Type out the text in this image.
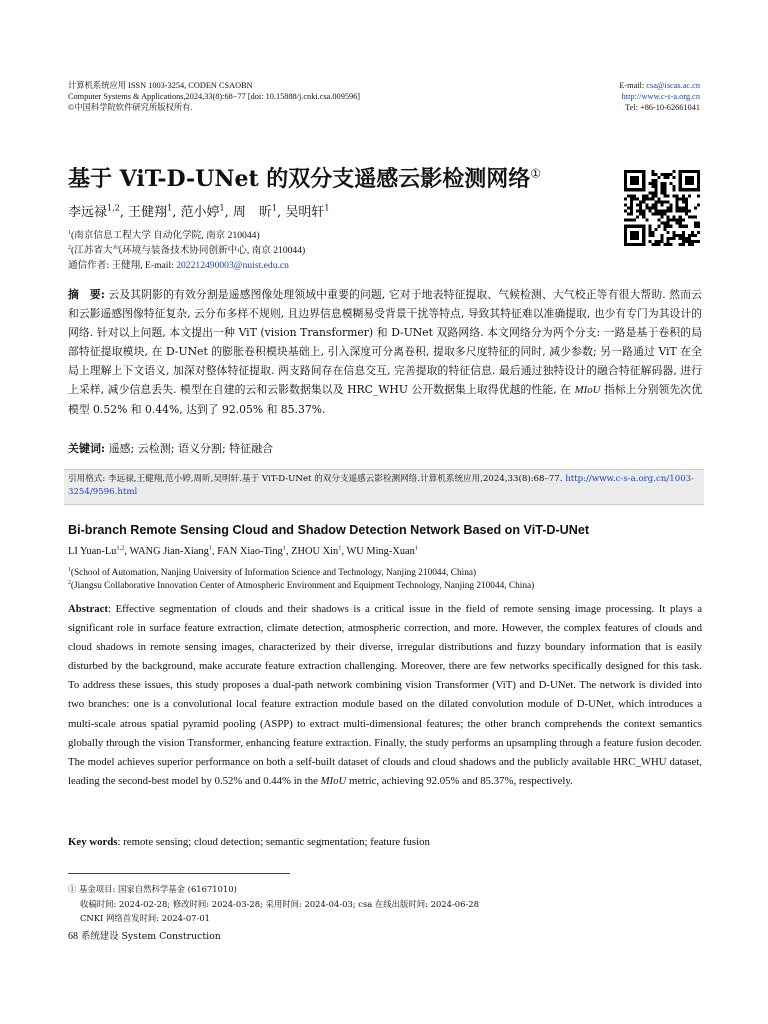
计算机系统应用 ISSN 1003-3254, CODEN CSAOBN
Computer Systems & Applications,2024,33(8):68−77 [doi: 10.15888/j.cnki.csa.009596]
©中国科学院软件研究所版权所有.
E-mail: csa@iscas.ac.cn
http://www.c-s-a.org.cn
Tel: +86-10-62661041
基于 ViT-D-UNet 的双分支遥感云影检测网络①
李远禄$^{1,2}$, 王健翔$^1$, 范小婷$^1$, 周　昕$^1$, 吴明轩$^1$
$^1$(南京信息工程大学 自动化学院, 南京 210044)
$^2$(江苏省大气环境与装备技术协同创新中心, 南京 210044)
通信作者: 王健翔, E-mail: 202212490003@nuist.edu.cn
摘　要: 云及其阴影的有效分割是遥感图像处理领域中重要的问题, 它对于地表特征提取、气候检测、大气校正等有很大帮助. 然而云和云影遥感图像特征复杂, 云分布多样不规则, 且边界信息模糊易受背景干扰等特点, 导致其特征难以准确提取, 也少有专门为其设计的网络. 针对以上问题, 本文提出一种 ViT (vision Transformer) 和 D-UNet 双路网络. 本文网络分为两个分支: 一路是基于卷积的局部特征提取模块, 在 D-UNet 的膨胀卷积模块基础上, 引入深度可分离卷积, 提取多尺度特征的同时, 减少参数; 另一路通过 ViT 在全局上理解上下文语义, 加深对整体特征提取. 两支路间存在信息交互, 完善提取的特征信息. 最后通过独特设计的融合特征解码器, 进行上采样, 减少信息丢失. 模型在自建的云和云影数据集以及 HRC_WHU 公开数据集上取得优越的性能, 在 MIoU 指标上分别领先次优模型 0.52% 和 0.44%, 达到了 92.05% 和 85.37%.
关键词: 遥感; 云检测; 语义分割; 特征融合
引用格式: 李远禄,王健翔,范小婷,周昕,吴明轩.基于 ViT-D-UNet 的双分支遥感云影检测网络.计算机系统应用,2024,33(8):68–77. http://www.c-s-a.org.cn/1003-3254/9596.html
Bi-branch Remote Sensing Cloud and Shadow Detection Network Based on ViT-D-UNet
LI Yuan-Lu$^{1,2}$, WANG Jian-Xiang$^1$, FAN Xiao-Ting$^1$, ZHOU Xin$^1$, WU Ming-Xuan$^1$
$^1$(School of Automation, Nanjing University of Information Science and Technology, Nanjing 210044, China)
$^2$(Jiangsu Collaborative Innovation Center of Atmospheric Environment and Equipment Technology, Nanjing 210044, China)
Abstract: Effective segmentation of clouds and their shadows is a critical issue in the field of remote sensing image processing. It plays a significant role in surface feature extraction, climate detection, atmospheric correction, and more. However, the complex features of clouds and cloud shadows in remote sensing images, characterized by their diverse, irregular distributions and fuzzy boundary information that is easily disturbed by the background, make accurate feature extraction challenging. Moreover, there are few networks specifically designed for this task. To address these issues, this study proposes a dual-path network combining vision Transformer (ViT) and D-UNet. The network is divided into two branches: one is a convolutional local feature extraction module based on the dilated convolution module of D-UNet, which introduces a multi-scale atrous spatial pyramid pooling (ASPP) to extract multi-dimensional features; the other branch comprehends the context semantics globally through the vision Transformer, enhancing feature extraction. Finally, the study performs an upsampling through a feature fusion decoder. The model achieves superior performance on both a self-built dataset of clouds and cloud shadows and the publicly available HRC_WHU dataset, leading the second-best model by 0.52% and 0.44% in the MIoU metric, achieving 92.05% and 85.37%, respectively.
Key words: remote sensing; cloud detection; semantic segmentation; feature fusion
① 基金项目: 国家自然科学基金 (61671010)
收稿时间: 2024-02-28; 修改时间: 2024-03-28; 采用时间: 2024-04-03; csa 在线出版时间: 2024-06-28
CNKI 网络首发时间: 2024-07-01
68 系统建设 System Construction
